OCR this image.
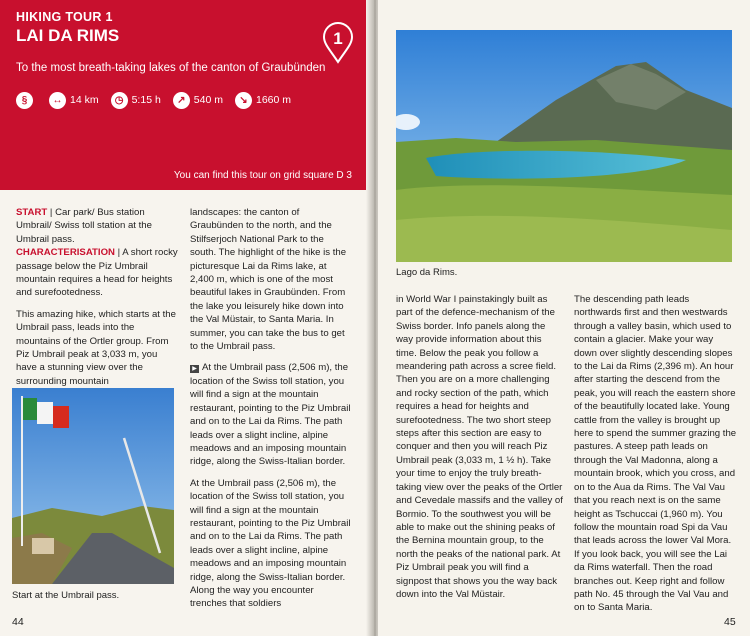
HIKING TOUR 1
LAI DA RIMS	1
To the most breath-taking lakes of the canton of Graubünden
§	↔ 14 km	◷ 5:15 h	↗ 540 m	↘ 1660 m
You can find this tour on grid square D 3

START | Car park/ Bus station Umbrail/ Swiss toll station at the Umbrail pass.
CHARACTERISATION | A short rocky passage below the Piz Umbrail mountain requires a head for heights and surefootedness.

This amazing hike, which starts at the Umbrail pass, leads into the mountains of the Ortler group. From Piz Umbrail peak at 3,033 m, you have a stunning view over the surrounding mountain

landscapes: the canton of Graubünden to the north, and the Stilfserjoch National Park to the south. The highlight of the hike is the picturesque Lai da Rims lake, at 2,400 m, which is one of the most beautiful lakes in Graubünden. From the lake you leisurely hike down into the Val Müstair, to Santa Maria. In summer, you can take the bus to get to the Umbrail pass.

▶ At the Umbrail pass (2,506 m), the location of the Swiss toll station, you will find a sign at the mountain restaurant, pointing to the Piz Umbrail and on to the Lai da Rims. The path leads over a slight incline, alpine meadows and an imposing mountain ridge, along the Swiss-Italian border.

At the Umbrail pass (2,506 m), the location of the Swiss toll station, you will find a sign at the mountain restaurant, pointing to the Piz Umbrail and on to the Lai da Rims. The path leads over a slight incline, alpine meadows and an imposing mountain ridge, along the Swiss-Italian border. Along the way you encounter trenches that soldiers

Start at the Umbrail pass.
44
Lago da Rims.

in World War I painstakingly built as part of the defence-mechanism of the Swiss border. Info panels along the way provide information about this time. Below the peak you follow a meandering path across a scree field. Then you are on a more challenging and rocky section of the path, which requires a head for heights and surefootedness. The two short steep steps after this section are easy to conquer and then you will reach Piz Umbrail peak (3,033 m, 1 ½ h). Take your time to enjoy the truly breath-taking view over the peaks of the Ortler and Cevedale massifs and the valley of Bormio. To the southwest you will be able to make out the shining peaks of the Bernina mountain group, to the north the peaks of the national park. At Piz Umbrail peak you will find a signpost that shows you the way back down into the Val Müstair.

The descending path leads northwards first and then westwards through a valley basin, which used to contain a glacier. Make your way down over slightly descending slopes to the Lai da Rims (2,396 m). An hour after starting the descend from the peak, you will reach the eastern shore of the beautifully located lake. Young cattle from the valley is brought up here to spend the summer grazing the pastures. A steep path leads on through the Val Madonna, along a mountain brook, which you cross, and on to the Aua da Rims. The Val Vau that you reach next is on the same height as Tschuccai (1,960 m). You follow the mountain road Spi da Vau that leads across the lower Val Mora. If you look back, you will see the Lai da Rims waterfall. Then the road branches out. Keep right and follow path No. 45 through the Val Vau and on to Santa Maria.

45
